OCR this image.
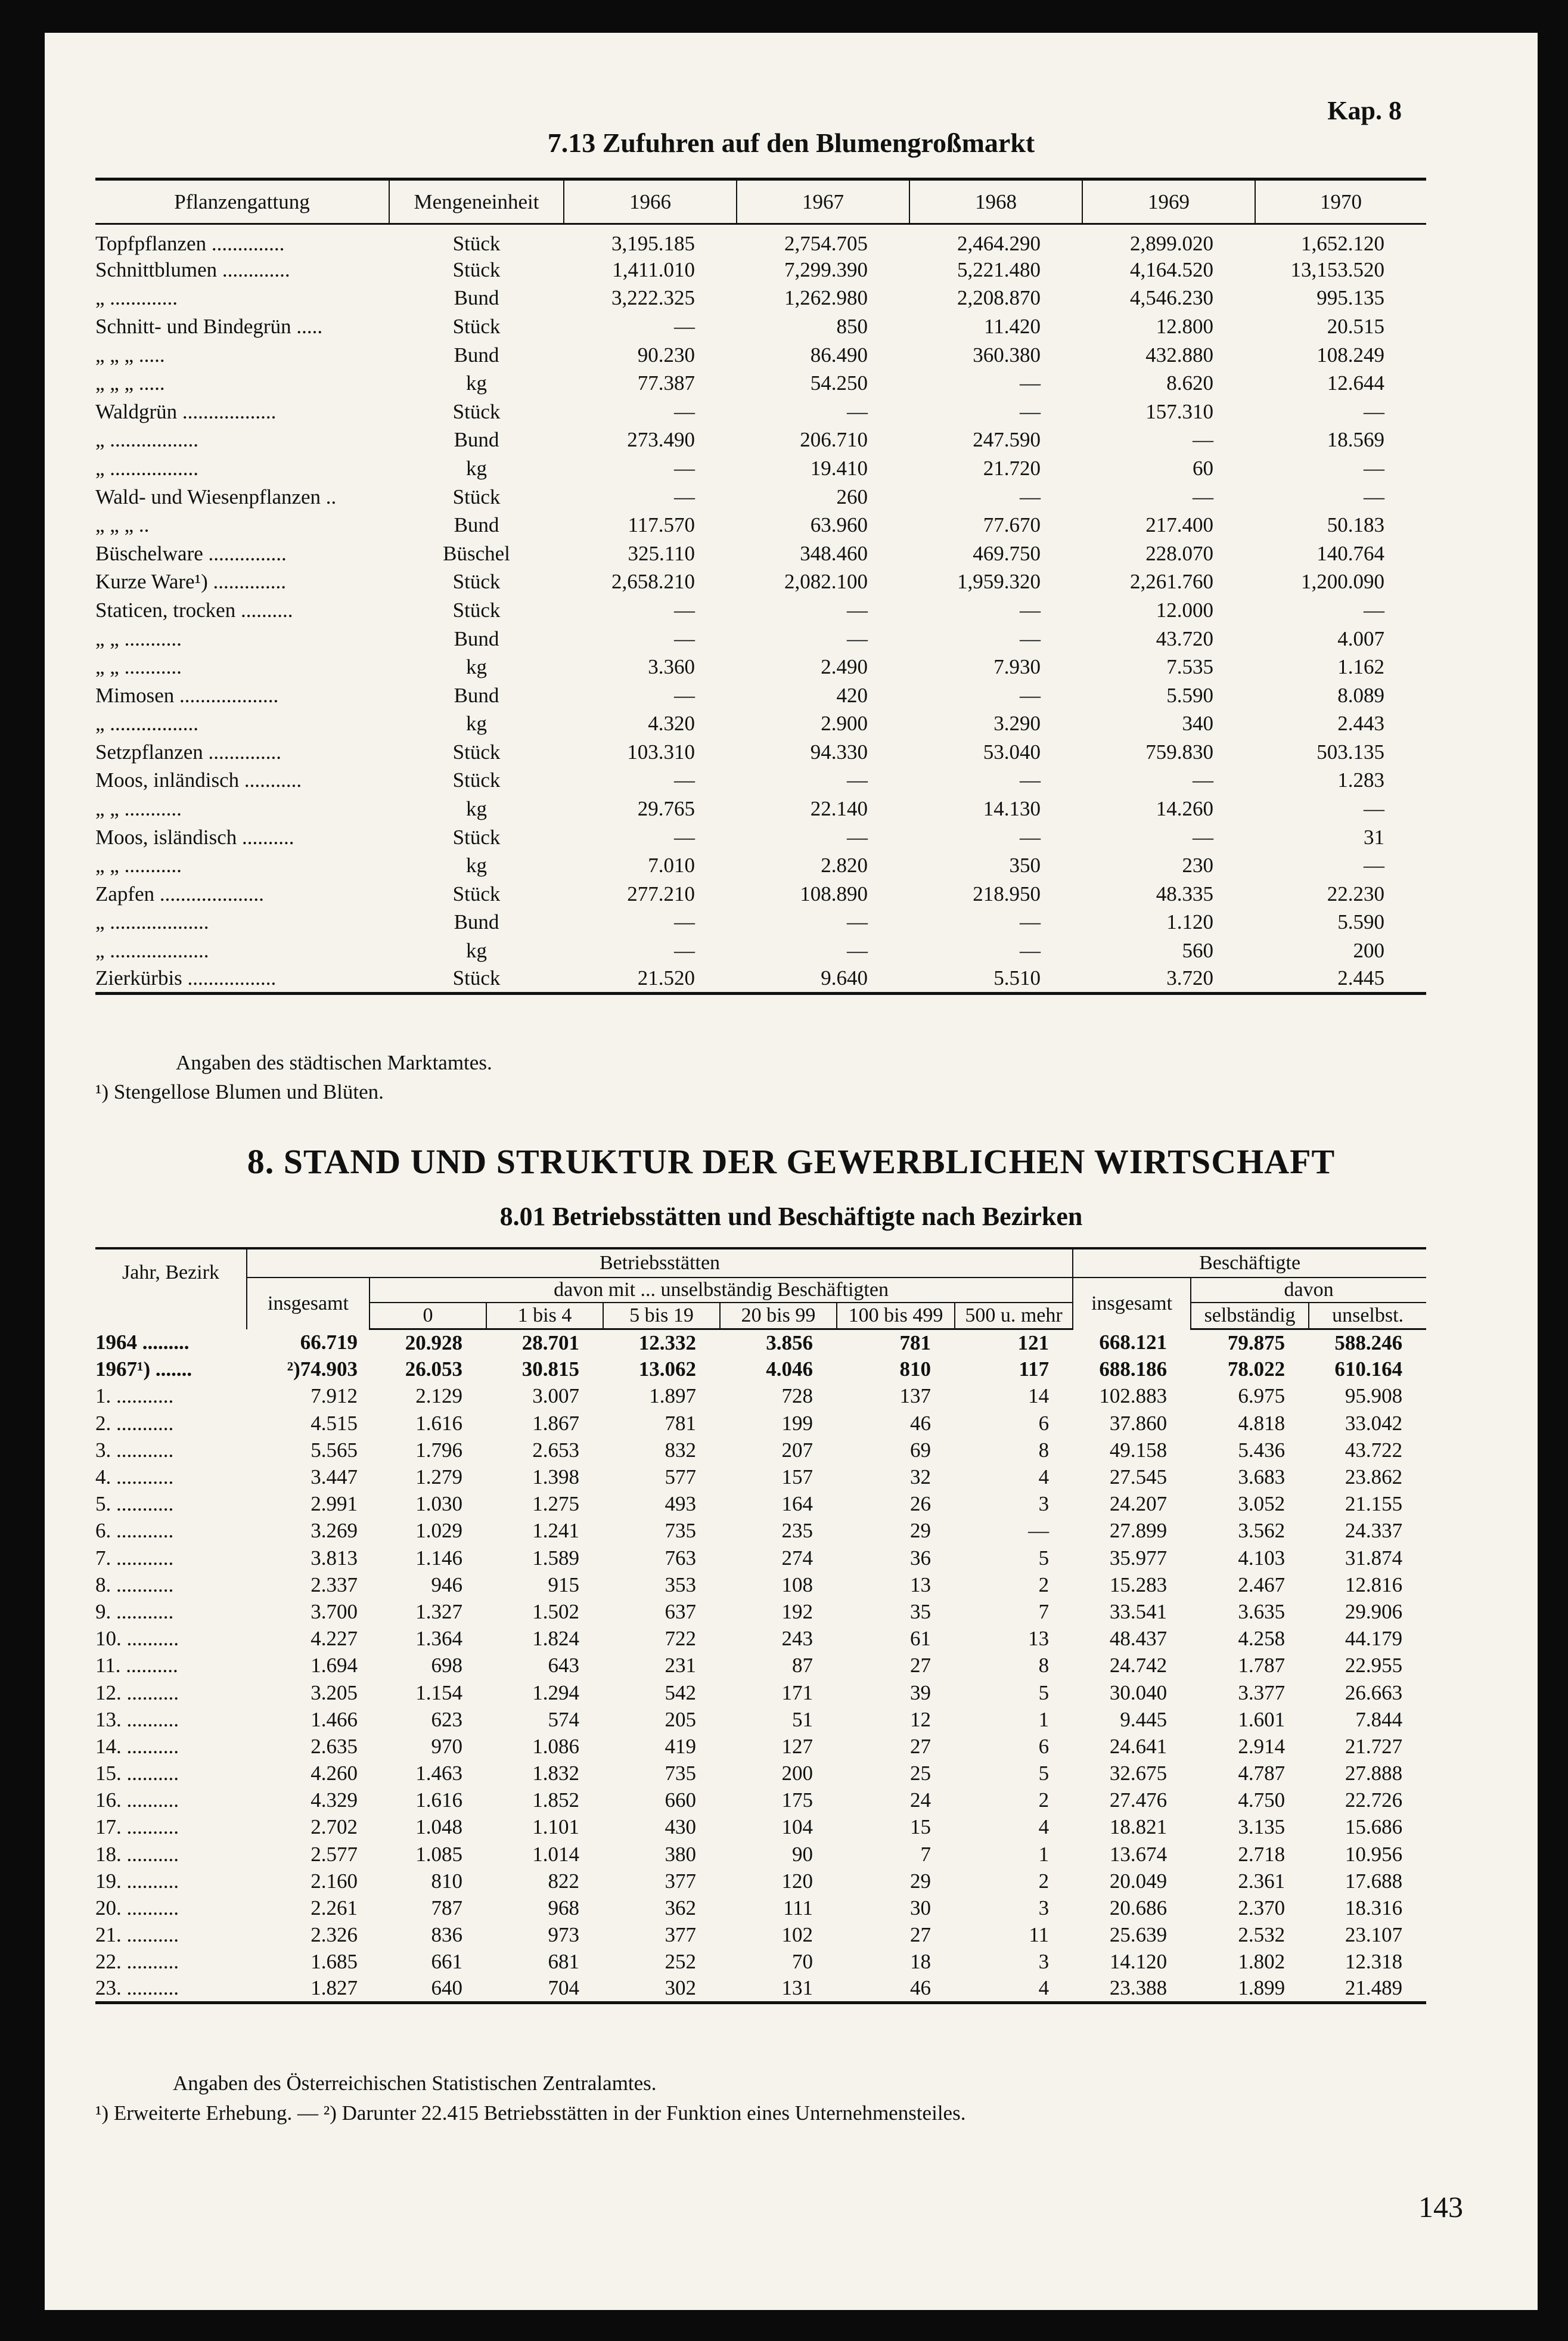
Kap. 8
7.13 Zufuhren auf den Blumengroßmarkt
Pflanzengattung	Mengeneinheit	1966	1967	1968	1969	1970
Topfpflanzen ..............	Stück	3,195.185	2,754.705	2,464.290	2,899.020	1,652.120
Schnittblumen .............	Stück	1,411.010	7,299.390	5,221.480	4,164.520	13,153.520
„ .............	Bund	3,222.325	1,262.980	2,208.870	4,546.230	995.135
Schnitt- und Bindegrün .....	Stück	—	850	11.420	12.800	20.515
„ „ „ .....	Bund	90.230	86.490	360.380	432.880	108.249
„ „ „ .....	kg	77.387	54.250	—	8.620	12.644
Waldgrün ..................	Stück	—	—	—	157.310	—
„ .................	Bund	273.490	206.710	247.590	—	18.569
„ .................	kg	—	19.410	21.720	60	—
Wald- und Wiesenpflanzen ..	Stück	—	260	—	—	—
„ „ „ ..	Bund	117.570	63.960	77.670	217.400	50.183
Büschelware ...............	Büschel	325.110	348.460	469.750	228.070	140.764
Kurze Ware¹) ..............	Stück	2,658.210	2,082.100	1,959.320	2,261.760	1,200.090
Staticen, trocken ..........	Stück	—	—	—	12.000	—
„ „ ...........	Bund	—	—	—	43.720	4.007
„ „ ...........	kg	3.360	2.490	7.930	7.535	1.162
Mimosen ...................	Bund	—	420	—	5.590	8.089
„ .................	kg	4.320	2.900	3.290	340	2.443
Setzpflanzen ..............	Stück	103.310	94.330	53.040	759.830	503.135
Moos, inländisch ...........	Stück	—	—	—	—	1.283
„ „ ...........	kg	29.765	22.140	14.130	14.260	—
Moos, isländisch ..........	Stück	—	—	—	—	31
„ „ ...........	kg	7.010	2.820	350	230	—
Zapfen ....................	Stück	277.210	108.890	218.950	48.335	22.230
„ ...................	Bund	—	—	—	1.120	5.590
„ ...................	kg	—	—	—	560	200
Zierkürbis .................	Stück	21.520	9.640	5.510	3.720	2.445
Angaben des städtischen Marktamtes.
¹) Stengellose Blumen und Blüten.
8. STAND UND STRUKTUR DER GEWERBLICHEN WIRTSCHAFT
8.01 Betriebsstätten und Beschäftigte nach Bezirken
Jahr, Bezirk	Betriebsstätten							Beschäftigte		
	insgesamt	davon mit ... unselbständig Beschäftigten						insgesamt	davon	
		0	1 bis 4	5 bis 19	20 bis 99	100 bis 499	500 u. mehr		selbständig	unselbst.
1964 .........	66.719	20.928	28.701	12.332	3.856	781	121	668.121	79.875	588.246
1967¹) .......	²)74.903	26.053	30.815	13.062	4.046	810	117	688.186	78.022	610.164
1. ...........	7.912	2.129	3.007	1.897	728	137	14	102.883	6.975	95.908
2. ...........	4.515	1.616	1.867	781	199	46	6	37.860	4.818	33.042
3. ...........	5.565	1.796	2.653	832	207	69	8	49.158	5.436	43.722
4. ...........	3.447	1.279	1.398	577	157	32	4	27.545	3.683	23.862
5. ...........	2.991	1.030	1.275	493	164	26	3	24.207	3.052	21.155
6. ...........	3.269	1.029	1.241	735	235	29	—	27.899	3.562	24.337
7. ...........	3.813	1.146	1.589	763	274	36	5	35.977	4.103	31.874
8. ...........	2.337	946	915	353	108	13	2	15.283	2.467	12.816
9. ...........	3.700	1.327	1.502	637	192	35	7	33.541	3.635	29.906
10. ..........	4.227	1.364	1.824	722	243	61	13	48.437	4.258	44.179
11. ..........	1.694	698	643	231	87	27	8	24.742	1.787	22.955
12. ..........	3.205	1.154	1.294	542	171	39	5	30.040	3.377	26.663
13. ..........	1.466	623	574	205	51	12	1	9.445	1.601	7.844
14. ..........	2.635	970	1.086	419	127	27	6	24.641	2.914	21.727
15. ..........	4.260	1.463	1.832	735	200	25	5	32.675	4.787	27.888
16. ..........	4.329	1.616	1.852	660	175	24	2	27.476	4.750	22.726
17. ..........	2.702	1.048	1.101	430	104	15	4	18.821	3.135	15.686
18. ..........	2.577	1.085	1.014	380	90	7	1	13.674	2.718	10.956
19. ..........	2.160	810	822	377	120	29	2	20.049	2.361	17.688
20. ..........	2.261	787	968	362	111	30	3	20.686	2.370	18.316
21. ..........	2.326	836	973	377	102	27	11	25.639	2.532	23.107
22. ..........	1.685	661	681	252	70	18	3	14.120	1.802	12.318
23. ..........	1.827	640	704	302	131	46	4	23.388	1.899	21.489
Angaben des Österreichischen Statistischen Zentralamtes.
¹) Erweiterte Erhebung. — ²) Darunter 22.415 Betriebsstätten in der Funktion eines Unternehmensteiles.
143
